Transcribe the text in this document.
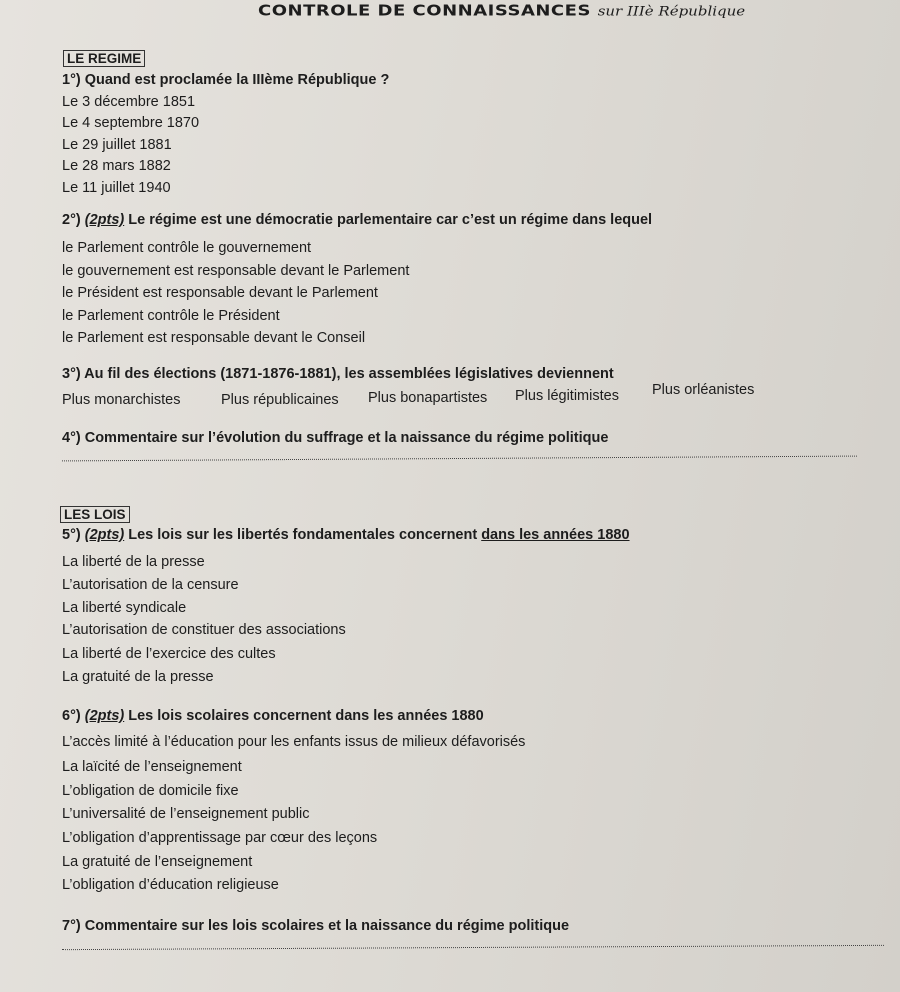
CONTROLE DE CONNAISSANCES sur IIIè République
LE REGIME
1°) Quand est proclamée la IIIème République ?
Le 3 décembre 1851
Le 4 septembre 1870
Le 29 juillet 1881
Le 28 mars 1882
Le 11 juillet 1940
2°) (2pts) Le régime est une démocratie parlementaire car c’est un régime dans lequel
le Parlement contrôle le gouvernement
le gouvernement est responsable devant le Parlement
le Président est responsable devant le Parlement
le Parlement contrôle le Président
le Parlement est responsable devant le Conseil
3°) Au fil des élections (1871-1876-1881), les assemblées législatives deviennent
Plus monarchistes	Plus républicaines Plus bonapartistes Plus légitimistes Plus orléanistes
4°) Commentaire sur l’évolution du suffrage et la naissance du régime politique
LES LOIS
5°) (2pts) Les lois sur les libertés fondamentales concernent dans les années 1880
La liberté de la presse
L’autorisation de la censure
La liberté syndicale
L’autorisation de constituer des associations
La liberté de l’exercice des cultes
La gratuité de la presse
6°) (2pts) Les lois scolaires concernent dans les années 1880
L’accès limité à l’éducation pour les enfants issus de milieux défavorisés
La laïcité de l’enseignement
L’obligation de domicile fixe
L’universalité de l’enseignement public
L’obligation d’apprentissage par cœur des leçons
La gratuité de l’enseignement
L’obligation d’éducation religieuse
7°) Commentaire sur les lois scolaires et la naissance du régime politique
